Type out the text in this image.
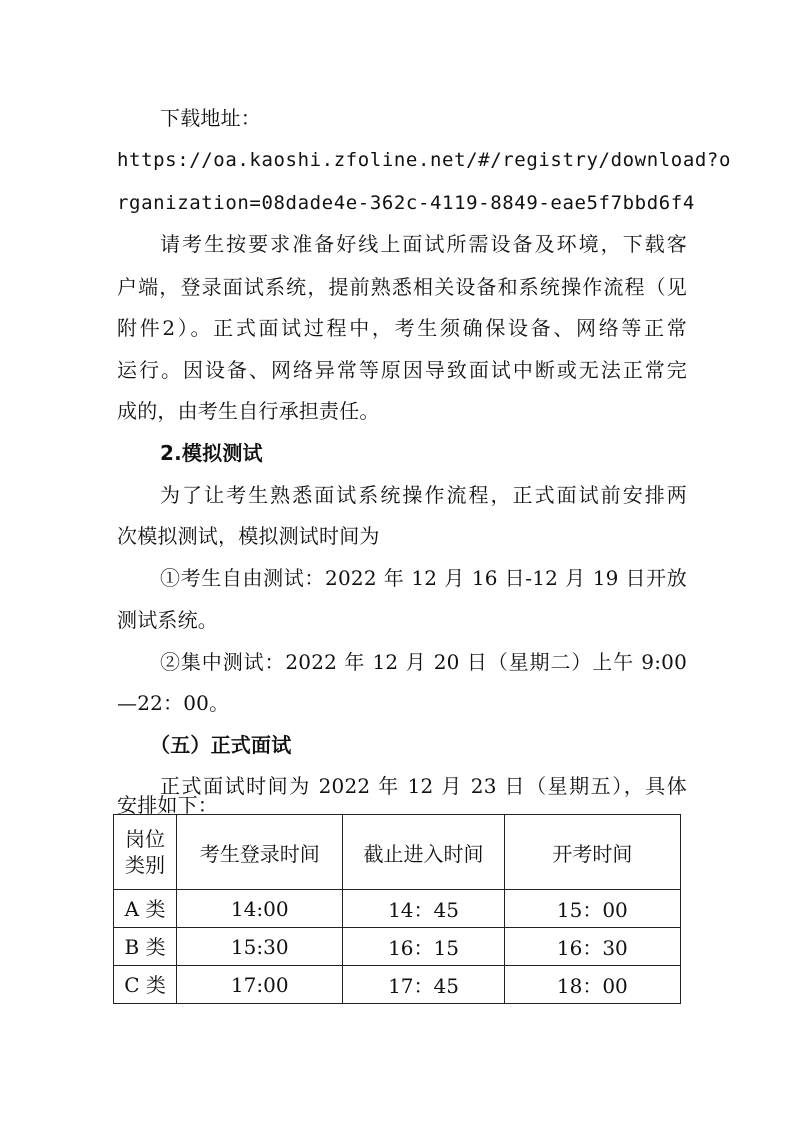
下载地址：
https://oa.kaoshi.zfoline.net/#/registry/download?o
rganization=08dade4e-362c-4119-8849-eae5f7bbd6f4
请考生按要求准备好线上面试所需设备及环境，下载客
户端，登录面试系统，提前熟悉相关设备和系统操作流程（见
附件2）。正式面试过程中，考生须确保设备、网络等正常
运行。因设备、网络异常等原因导致面试中断或无法正常完
成的，由考生自行承担责任。
2.模拟测试
为了让考生熟悉面试系统操作流程，正式面试前安排两
次模拟测试，模拟测试时间为
①考生自由测试：2022 年 12 月 16 日-12 月 19 日开放
测试系统。
②集中测试：2022 年 12 月 20 日（星期二）上午 9:00
—22：00。
（五）正式面试
正式面试时间为 2022 年 12 月 23 日（星期五），具体
安排如下：
岗位
类别	考生登录时间	截止进入时间	开考时间
A 类	14:00	14：45	15：00
B 类	15:30	16：15	16：30
C 类	17:00	17：45	18：00
